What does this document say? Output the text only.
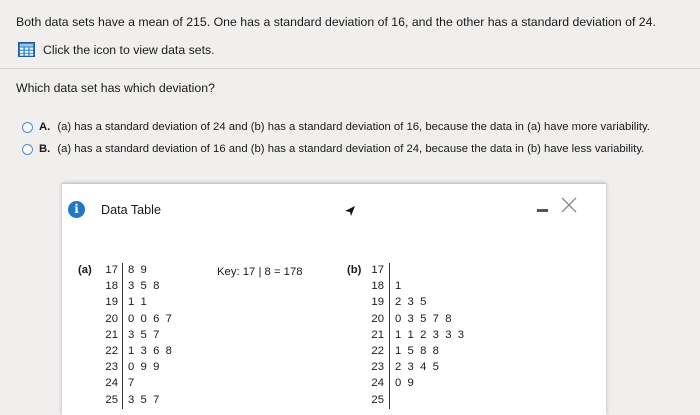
Both data sets have a mean of 215. One has a standard deviation of 16, and the other has a standard deviation of 24.
Click the icon to view data sets.
Which data set has which deviation?
A. (a) has a standard deviation of 24 and (b) has a standard deviation of 16, because the data in (a) have more variability.
B. (a) has a standard deviation of 16 and (b) has a standard deviation of 24, because the data in (b) have less variability.
i	Data Table
(a)	17 8  9
18 3  5  8
19 1  1
20 0  0  6  7
21 3  5  7
22 1  3  6  8
23 0  9  9
24 7
25 3  5  7
Key: 17 | 8 = 178	(b) 17
18 1
19 2  3  5
20 0  3  5  7  8
21 1  1  2  3  3  3
22 1  5  8  8
23 2  3  4  5
24 0  9
25
